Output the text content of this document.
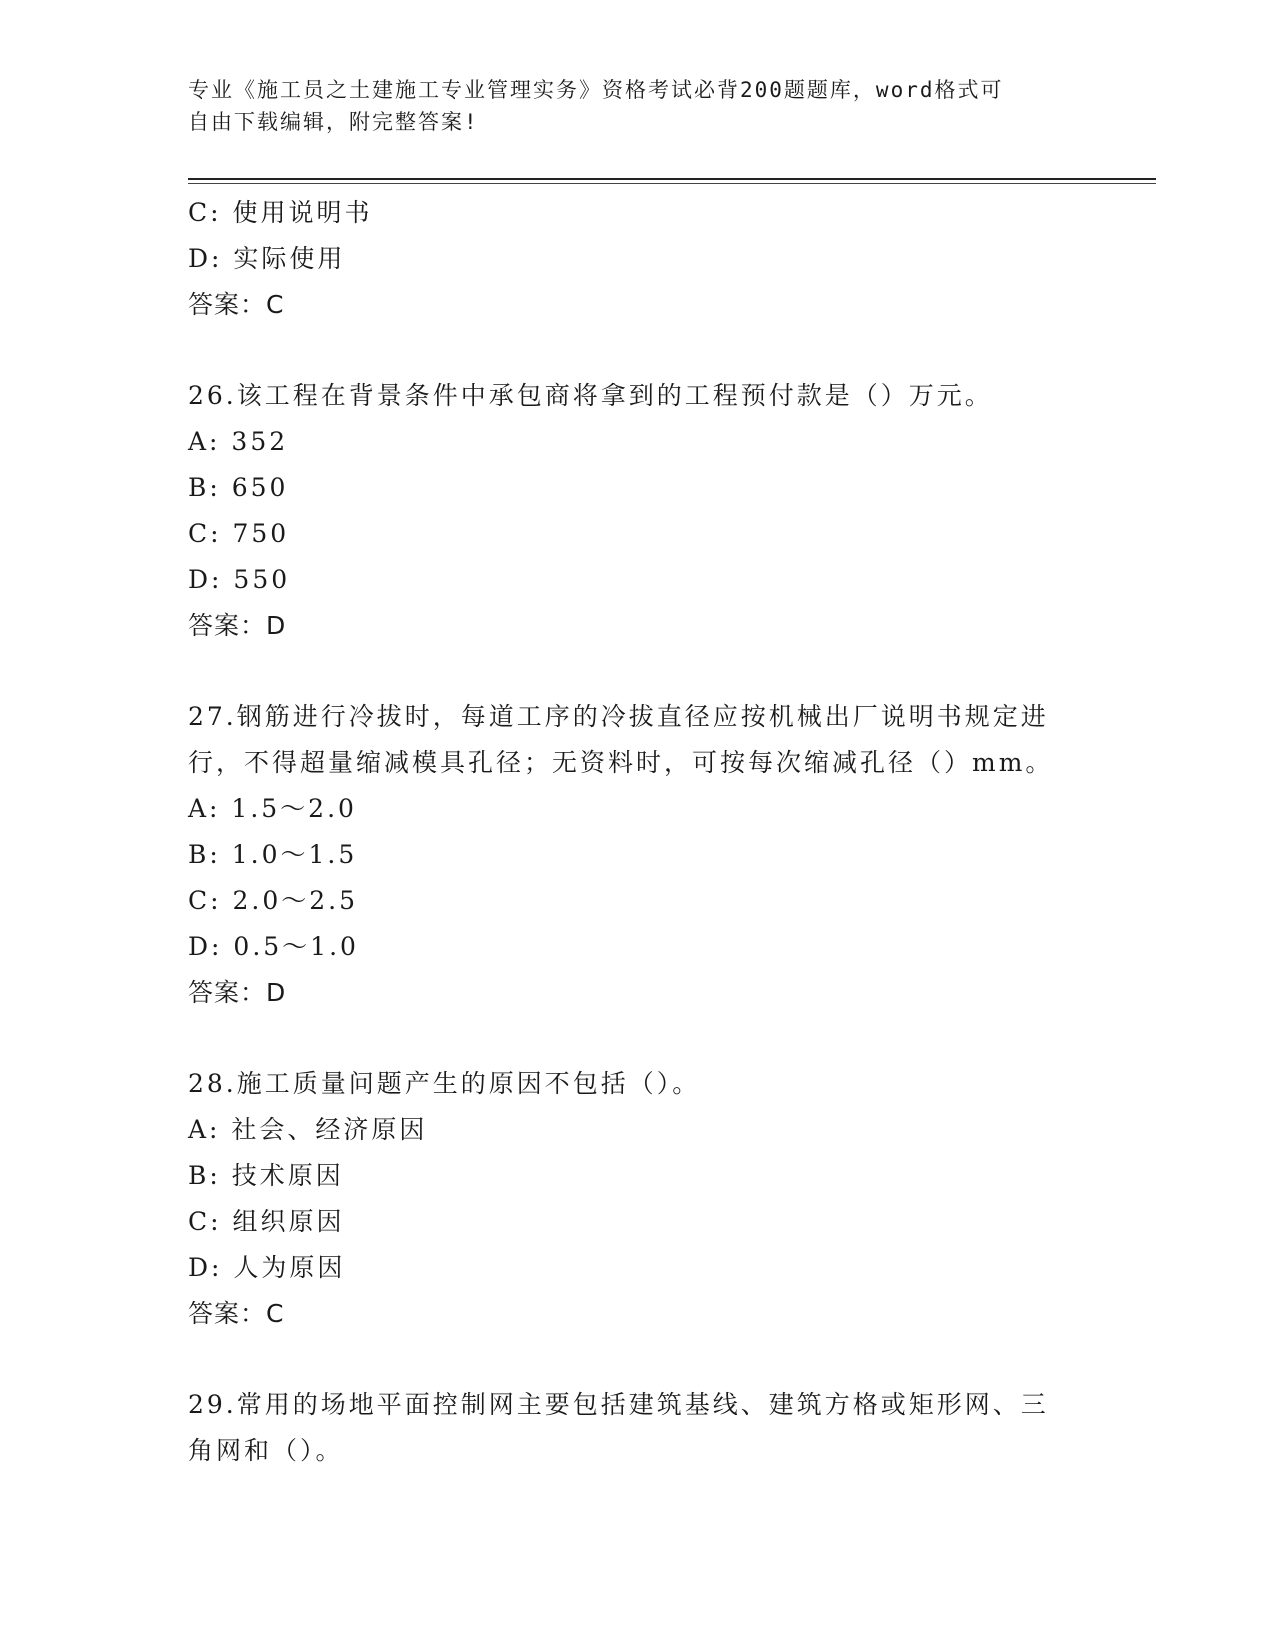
专业《施工员之土建施工专业管理实务》资格考试必背200题题库，word格式可
自由下载编辑，附完整答案!
C: 使用说明书
D: 实际使用
答案：C
26.该工程在背景条件中承包商将拿到的工程预付款是（）万元。
A: 352
B: 650
C: 750
D: 550
答案：D
27.钢筋进行冷拔时，每道工序的冷拔直径应按机械出厂说明书规定进
行，不得超量缩减模具孔径；无资料时，可按每次缩减孔径（）mm。
A: 1.5～2.0
B: 1.0～1.5
C: 2.0～2.5
D: 0.5～1.0
答案：D
28.施工质量问题产生的原因不包括（）。
A: 社会、经济原因
B: 技术原因
C: 组织原因
D: 人为原因
答案：C
29.常用的场地平面控制网主要包括建筑基线、建筑方格或矩形网、三
角网和（）。
